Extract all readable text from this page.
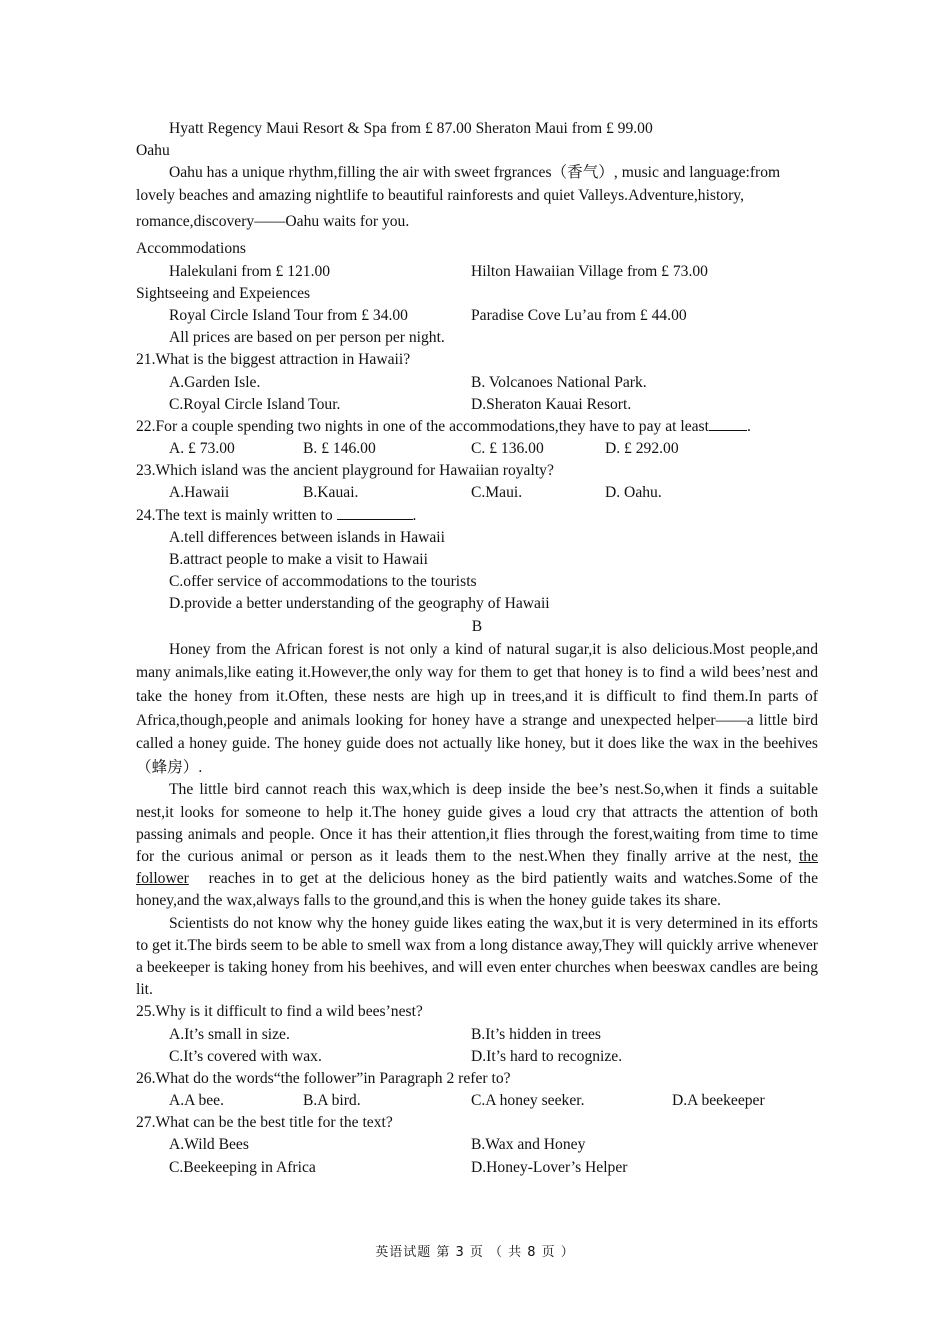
Hyatt Regency Maui Resort & Spa from £ 87.00 Sheraton Maui from £ 99.00
Oahu
Oahu has a unique rhythm,filling the air with sweet frgrances（香气）, music and language:from
lovely beaches and amazing nightlife to beautiful rainforests and quiet Valleys.Adventure,history,
romance,discovery——Oahu waits for you.
Accommodations
Halekulani from £ 121.00	Hilton Hawaiian Village from £ 73.00
Sightseeing and Expeiences
Royal Circle Island Tour from £ 34.00	Paradise Cove Lu’au from £ 44.00
All prices are based on per person per night.
21.What is the biggest attraction in Hawaii?
A.Garden Isle.	B. Volcanoes National Park.
C.Royal Circle Island Tour.	D.Sheraton Kauai Resort.
22.For a couple spending two nights in one of the accommodations,they have to pay at least .
A. £ 73.00	B. £ 146.00	C. £ 136.00	D. £ 292.00
23.Which island was the ancient playground for Hawaiian royalty?
A.Hawaii	B.Kauai.	C.Maui.	D. Oahu.
24.The text is mainly written to	.
A.tell differences between islands in Hawaii
B.attract people to make a visit to Hawaii
C.offer service of accommodations to the tourists
D.provide a better understanding of the geography of Hawaii
B

Honey from the African forest is not only a kind of natural sugar,it is also delicious.Most people,and many animals,like eating it.However,the only way for them to get that honey is to find a wild bees’nest and take the honey from it.Often, these nests are high up in trees,and it is difficult to find them.In parts of Africa,though,people and animals looking for honey have a strange and unexpected helper——a little bird called a honey guide. The honey guide does not actually like honey, but it does like the wax in the beehives（蜂房）.

The little bird cannot reach this wax,which is deep inside the bee’s nest.So,when it finds a suitable nest,it looks for someone to help it.The honey guide gives a loud cry that attracts the attention of both passing animals and people. Once it has their attention,it flies through the forest,waiting from time to time for the curious animal or person as it leads them to the nest.When they finally arrive at the nest, the follower reaches in to get at the delicious honey as the bird patiently waits and watches.Some of the honey,and the wax,always falls to the ground,and this is when the honey guide takes its share.

Scientists do not know why the honey guide likes eating the wax,but it is very determined in its efforts to get it.The birds seem to be able to smell wax from a long distance away,They will quickly arrive whenever a beekeeper is taking honey from his beehives, and will even enter churches when beeswax candles are being lit.

25.Why is it difficult to find a wild bees’nest?
A.It’s small in size.	B.It’s hidden in trees
C.It’s covered with wax.	D.It’s hard to recognize.
26.What do the words“the follower”in Paragraph 2 refer to?
A.A bee.	B.A bird.	C.A honey seeker.	D.A beekeeper
27.What can be the best title for the text?
A.Wild Bees	B.Wax and Honey
C.Beekeeping in Africa	D.Honey-Lover’s Helper
英语试题 第 3 页 （ 共 8 页 ）
